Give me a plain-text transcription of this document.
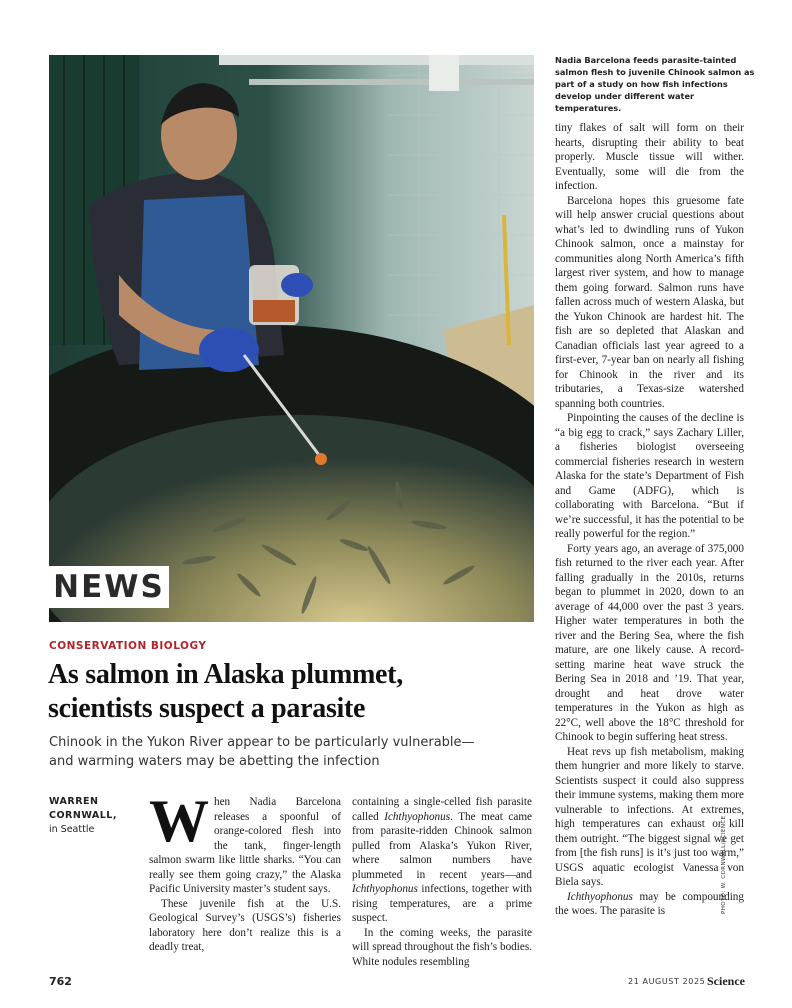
NEWS
Nadia Barcelona feeds parasite-tainted salmon flesh to juvenile Chinook salmon as part of a study on how fish infections develop under different water temperatures.
CONSERVATION BIOLOGY
As salmon in Alaska plummet,
scientists suspect a parasite
Chinook in the Yukon River appear to be particularly vulnerable—
and warming waters may be abetting the infection
WARREN
CORNWALL,
in Seattle When Nadia Barcelona releases a spoonful of orange-colored flesh into the tank, finger-length salmon swarm like little sharks. “You can really see them going crazy,” the Alaska Pacific University master’s student says.

These juvenile fish at the U.S. Geological Survey’s (USGS’s) fisheries laboratory here don’t realize this is a deadly treat,

containing a single-celled fish parasite called Ichthyophonus. The meat came from parasite-ridden Chinook salmon pulled from Alaska’s Yukon River, where salmon numbers have plummeted in recent years—and Ichthyophonus infections, together with rising temperatures, are a prime suspect.

In the coming weeks, the parasite will spread throughout the fish’s bodies. White nodules resembling

tiny flakes of salt will form on their hearts, disrupting their ability to beat properly. Muscle tissue will wither. Eventually, some will die from the infection.

Barcelona hopes this gruesome fate will help answer crucial questions about what’s led to dwindling runs of Yukon Chinook salmon, once a mainstay for communities along North America’s fifth largest river system, and how to manage them going forward. Salmon runs have fallen across much of western Alaska, but the Yukon Chinook are hardest hit. The fish are so depleted that Alaskan and Canadian officials last year agreed to a first-ever, 7-year ban on nearly all fishing for Chinook in the river and its tributaries, a Texas-size watershed spanning both countries.

Pinpointing the causes of the decline is “a big egg to crack,” says Zachary Liller, a fisheries biologist overseeing commercial fisheries research in western Alaska for the state’s Department of Fish and Game (ADFG), which is collaborating with Barcelona. “But if we’re successful, it has the potential to be really powerful for the region.”

Forty years ago, an average of 375,000 fish returned to the river each year. After falling gradually in the 2010s, returns began to plummet in 2020, down to an average of 44,000 over the past 3 years. Higher water temperatures in both the river and the Bering Sea, where the fish mature, are one likely cause. A record-setting marine heat wave struck the Bering Sea in 2018 and ’19. That year, drought and heat drove water temperatures in the Yukon as high as 22°C, well above the 18°C threshold for Chinook to begin suffering heat stress.

Heat revs up fish metabolism, making them hungrier and more likely to starve. Scientists suspect it could also suppress their immune systems, making them more vulnerable to infections. At extremes, high temperatures can exhaust or kill them outright. “The biggest signal we get from [the fish runs] is it’s just too warm,” USGS aquatic ecologist Vanessa von Biela says.

Ichthyophonus may be compounding the woes. The parasite is

762	21 AUGUST 2025 Science
PHOTO: W. CORNWALL/SCIENCE
